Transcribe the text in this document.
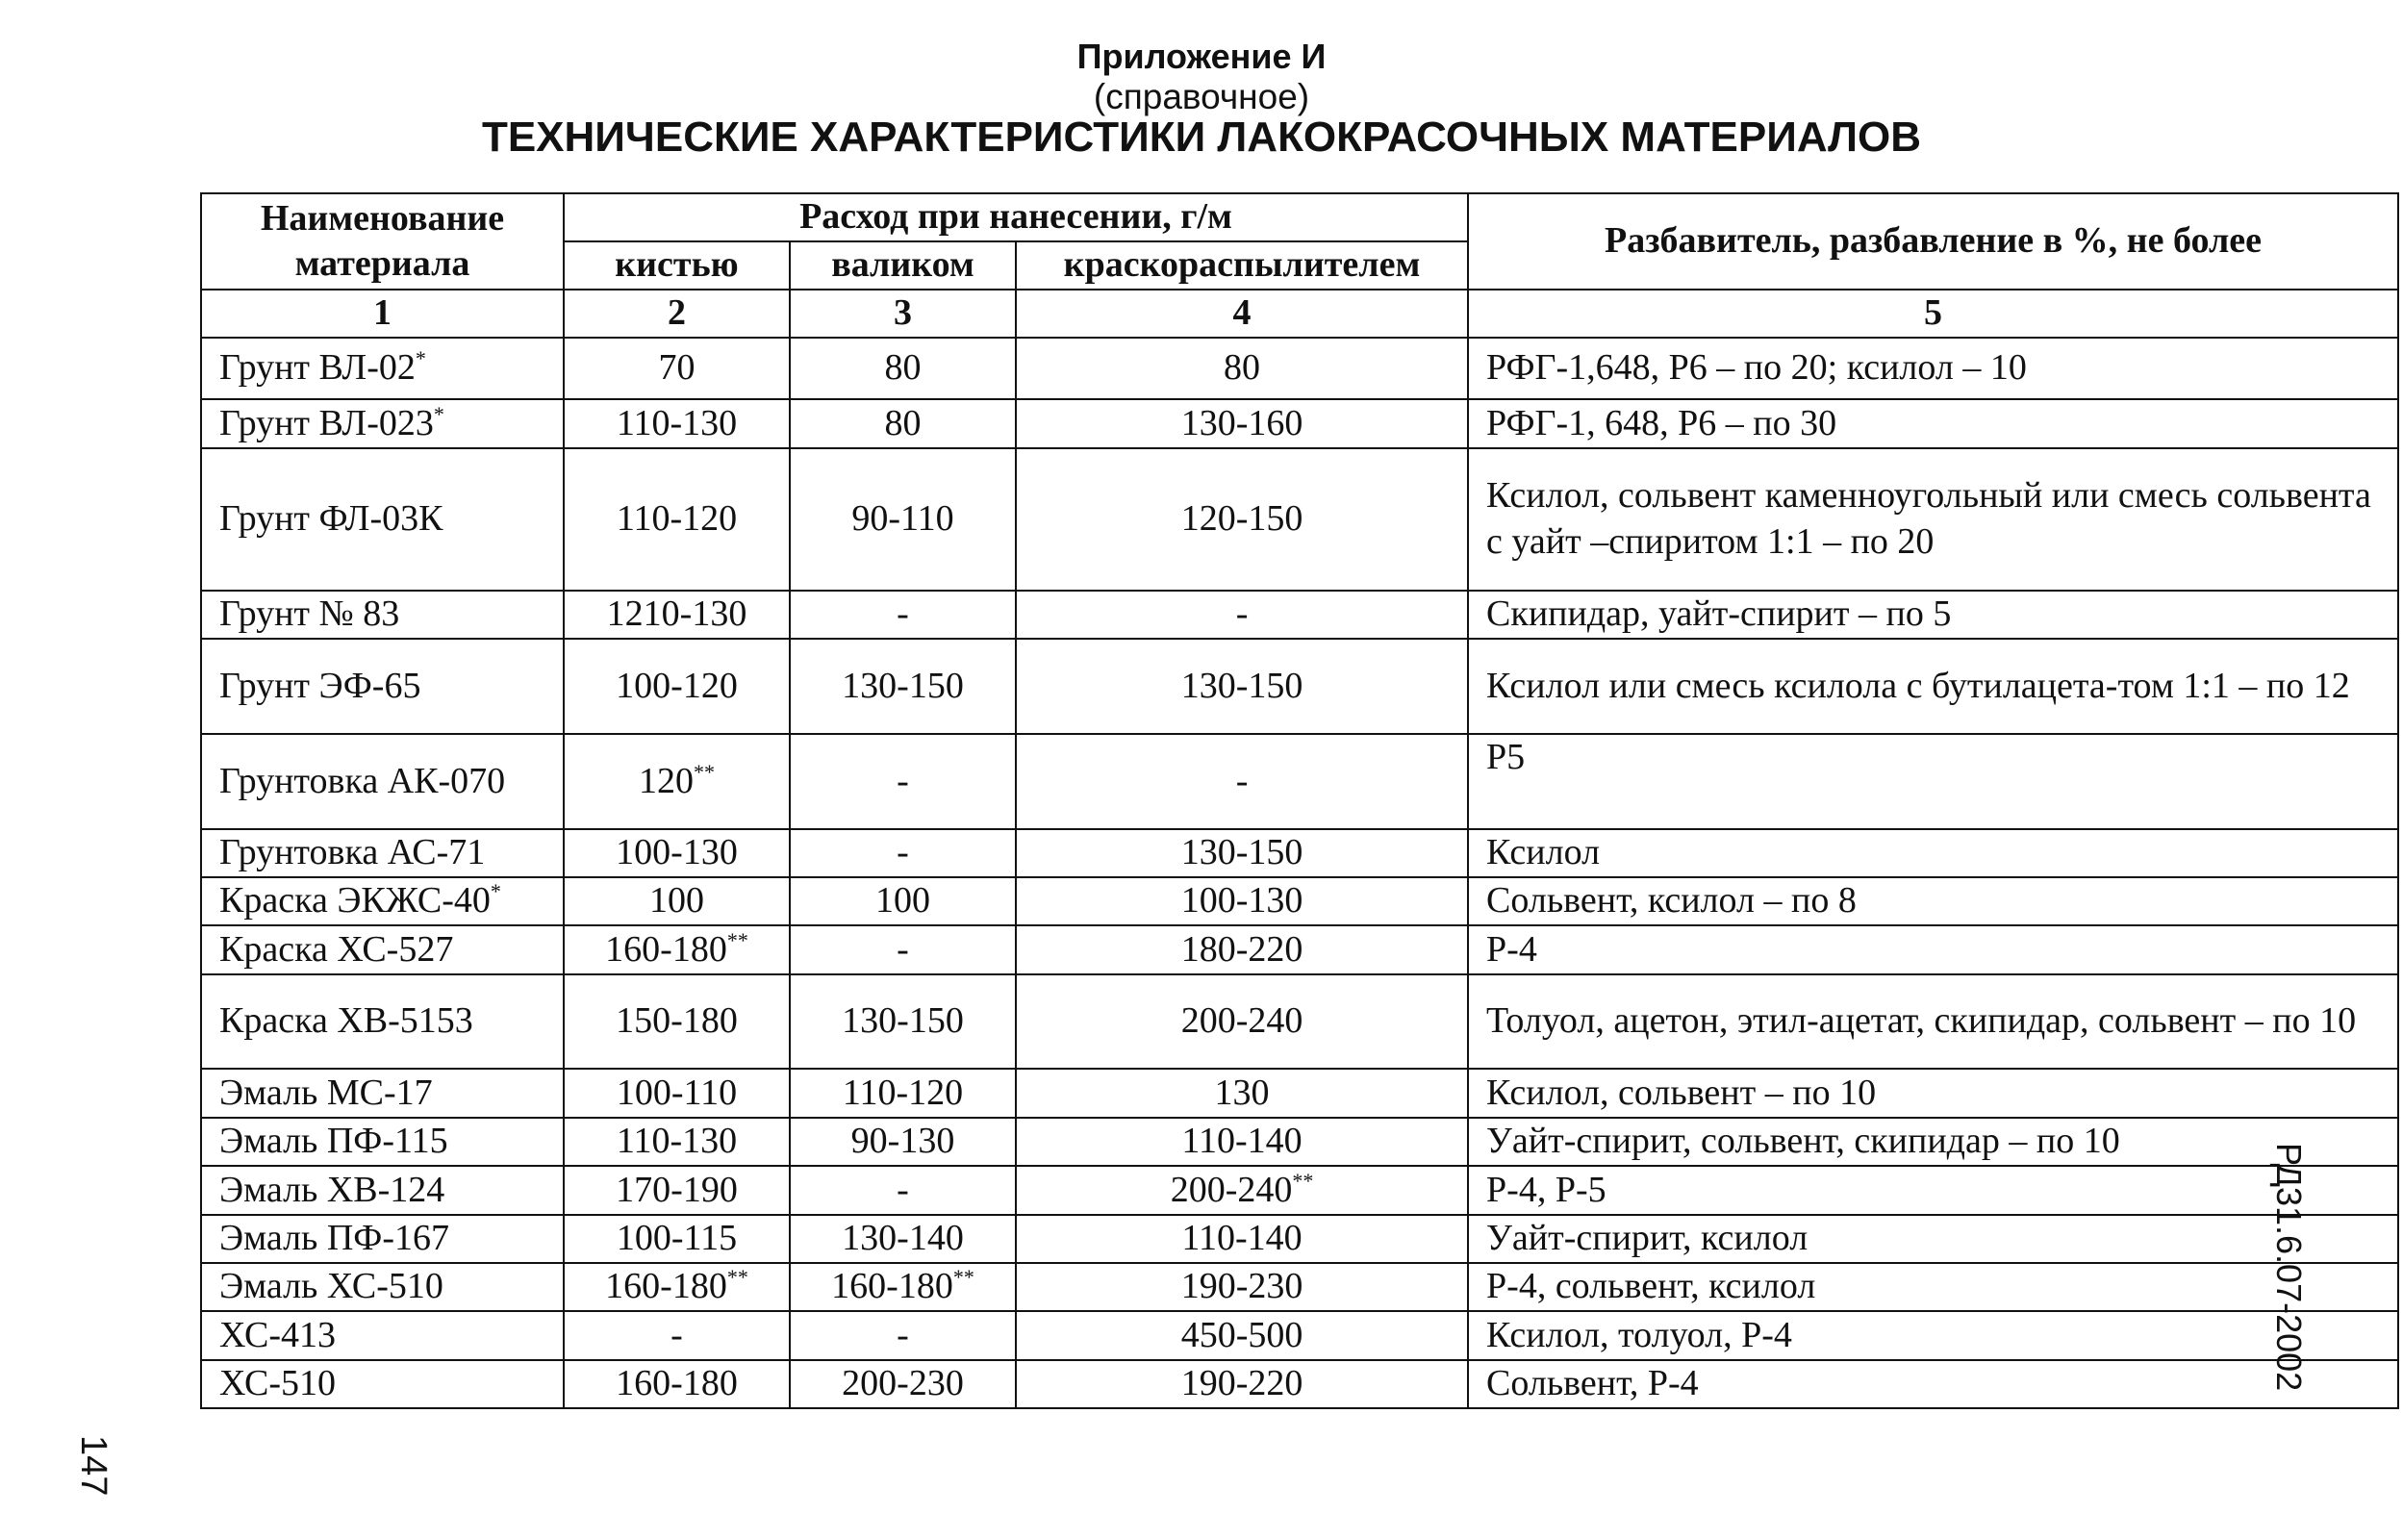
Приложение И
(справочное)
ТЕХНИЧЕСКИЕ ХАРАКТЕРИСТИКИ ЛАКОКРАСОЧНЫХ МАТЕРИАЛОВ
Наименование материала	Расход при нанесении, г/м			Разбавитель, разбавление в %, не более
	кистью	валиком	краскораспылителем	
1	2	3	4	5
Грунт ВЛ-02*	70	80	80	РФГ-1,648, Р6 – по 20; ксилол – 10
Грунт ВЛ-023*	110-130	80	130-160	РФГ-1, 648, Р6 – по 30
Грунт ФЛ-03К	110-120	90-110	120-150	Ксилол, сольвент каменноугольный или смесь сольвента с уайт –спиритом 1:1 – по 20
Грунт № 83	1210-130	-	-	Скипидар, уайт-спирит – по 5
Грунт ЭФ-65	100-120	130-150	130-150	Ксилол или смесь ксилола с бутилацета-том 1:1 – по 12
Грунтовка АК-070	120**	-	-	Р5
Грунтовка АС-71	100-130	-	130-150	Ксилол
Краска ЭКЖС-40*	100	100	100-130	Сольвент, ксилол – по 8
Краска ХС-527	160-180**	-	180-220	Р-4
Краска ХВ-5153	150-180	130-150	200-240	Толуол, ацетон, этил-ацетат, скипидар, сольвент – по 10
Эмаль МС-17	100-110	110-120	130	Ксилол, сольвент – по 10
Эмаль ПФ-115	110-130	90-130	110-140	Уайт-спирит, сольвент, скипидар – по 10
Эмаль ХВ-124	170-190	-	200-240**	Р-4, Р-5
Эмаль ПФ-167	100-115	130-140	110-140	Уайт-спирит, ксилол
Эмаль ХС-510	160-180**	160-180**	190-230	Р-4, сольвент, ксилол
ХС-413	-	-	450-500	Ксилол, толуол, Р-4
ХС-510	160-180	200-230	190-220	Сольвент, Р-4	РД31.6.07-2002
147
